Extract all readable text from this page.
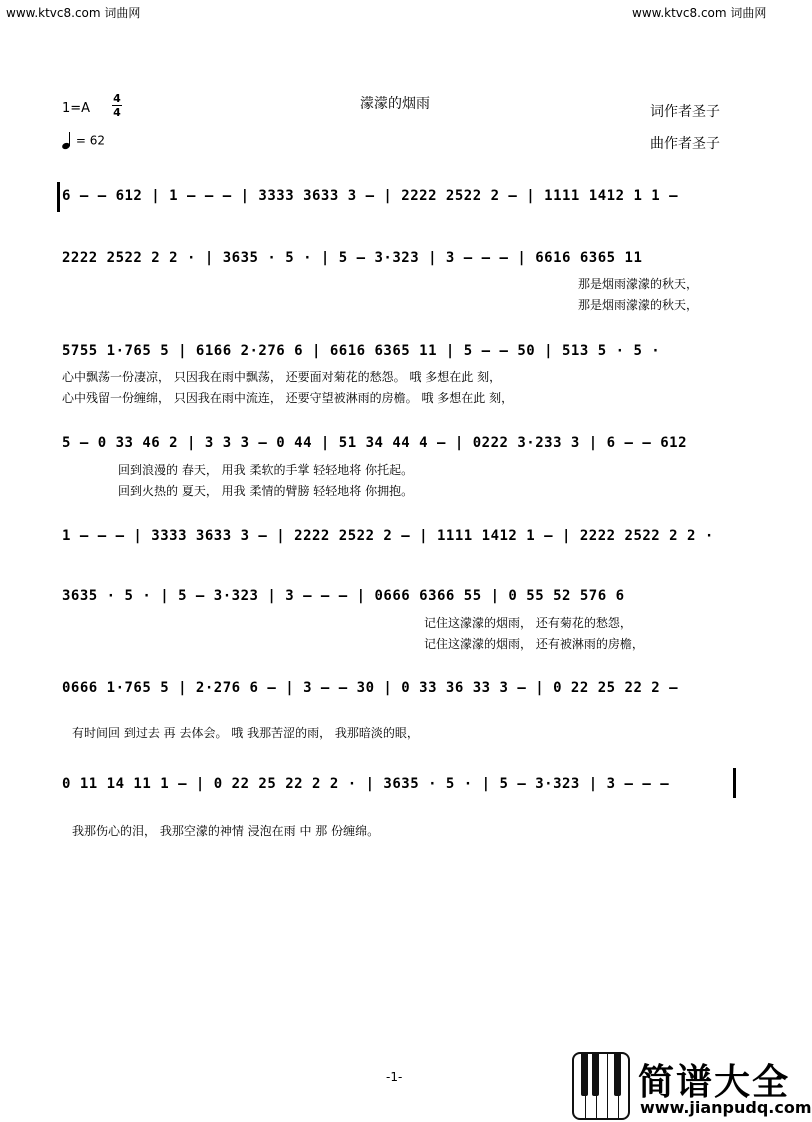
www.ktvc8.com 词曲网	www.ktvc8.com 词曲网
濛濛的烟雨	词作者圣子
曲作者圣子
1=A
4
4
= 62
6 – – 612 | 1 – – – | 3333 3633 3 – | 2222 2522 2 – | 1111 1412 1 1 –
2222 2522 2 2 · | 3635 · 5 · | 5 – 3·323 | 3 – – – | 6616 6365 11
那是烟雨濛濛的秋天，
那是烟雨濛濛的秋天，
5755 1·765 5 | 6166 2·276 6 | 6616 6365 11 | 5 – – 50 | 513 5 · 5 ·
心中飘荡一份凄凉， 只因我在雨中飘荡， 还要面对菊花的愁怨。 哦 多想在此 刻，
心中残留一份缠绵， 只因我在雨中流连， 还要守望被淋雨的房檐。 哦 多想在此 刻，
5 – 0 33 46 2 | 3 3 3 – 0 44 | 51 34 44 4 – | 0222 3·233 3 | 6 – – 612
回到浪漫的 春天， 用我 柔软的手掌 轻轻地将 你托起。
回到火热的 夏天， 用我 柔情的臂膀 轻轻地将 你拥抱。
1 – – – | 3333 3633 3 – | 2222 2522 2 – | 1111 1412 1 – | 2222 2522 2 2 ·
3635 · 5 · | 5 – 3·323 | 3 – – – | 0666 6366 55 | 0 55 52 576 6
记住这濛濛的烟雨， 还有菊花的愁怨，
记住这濛濛的烟雨， 还有被淋雨的房檐，
0666 1·765 5 | 2·276 6 – | 3 – – 30 | 0 33 36 33 3 – | 0 22 25 22 2 –
有时间回 到过去 再 去体会。 哦 我那苦涩的雨， 我那暗淡的眼，
0 11 14 11 1 – | 0 22 25 22 2 2 · | 3635 · 5 · | 5 – 3·323 | 3 – – –
我那伤心的泪， 我那空濛的神情 浸泡在雨 中 那 份缠绵。
-1-	简谱大全
www.jianpudq.com
